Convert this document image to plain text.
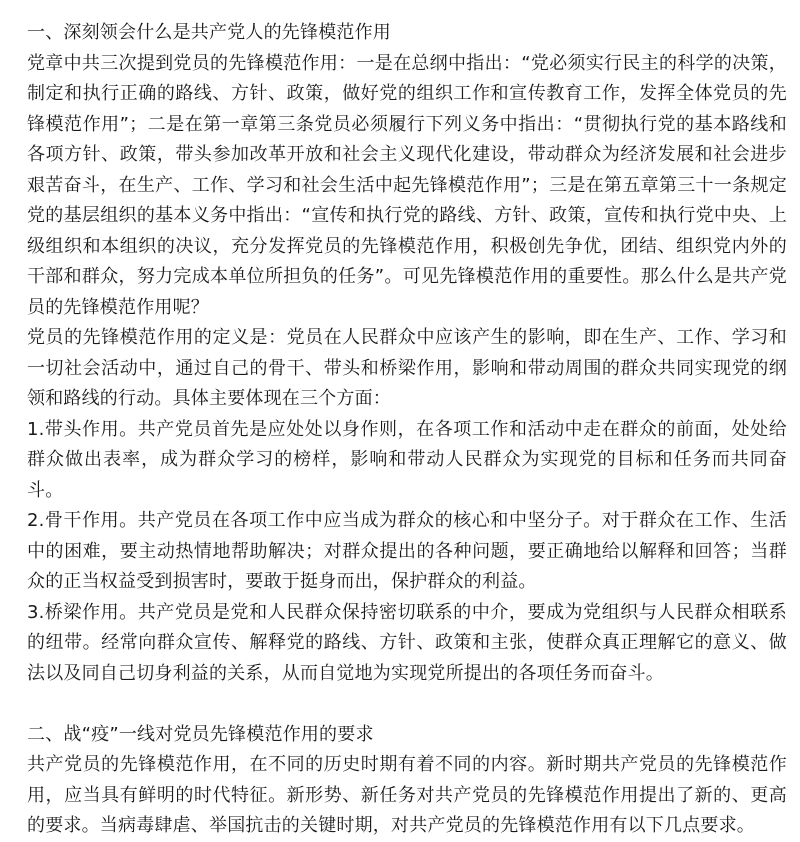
一、深刻领会什么是共产党人的先锋模范作用

党章中共三次提到党员的先锋模范作用：一是在总纲中指出：“党必须实行民主的科学的决策，制定和执行正确的路线、方针、政策，做好党的组织工作和宣传教育工作，发挥全体党员的先锋模范作用”；二是在第一章第三条党员必须履行下列义务中指出：“贯彻执行党的基本路线和各项方针、政策，带头参加改革开放和社会主义现代化建设，带动群众为经济发展和社会进步艰苦奋斗，在生产、工作、学习和社会生活中起先锋模范作用”；三是在第五章第三十一条规定党的基层组织的基本义务中指出：“宣传和执行党的路线、方针、政策，宣传和执行党中央、上级组织和本组织的决议，充分发挥党员的先锋模范作用，积极创先争优，团结、组织党内外的干部和群众，努力完成本单位所担负的任务”。可见先锋模范作用的重要性。那么什么是共产党员的先锋模范作用呢？

党员的先锋模范作用的定义是：党员在人民群众中应该产生的影响，即在生产、工作、学习和一切社会活动中，通过自己的骨干、带头和桥梁作用，影响和带动周围的群众共同实现党的纲领和路线的行动。具体主要体现在三个方面：

1.带头作用。共产党员首先是应处处以身作则，在各项工作和活动中走在群众的前面，处处给群众做出表率，成为群众学习的榜样，影响和带动人民群众为实现党的目标和任务而共同奋斗。

2.骨干作用。共产党员在各项工作中应当成为群众的核心和中坚分子。对于群众在工作、生活中的困难，要主动热情地帮助解决；对群众提出的各种问题，要正确地给以解释和回答；当群众的正当权益受到损害时，要敢于挺身而出，保护群众的利益。

3.桥梁作用。共产党员是党和人民群众保持密切联系的中介，要成为党组织与人民群众相联系的纽带。经常向群众宣传、解释党的路线、方针、政策和主张，使群众真正理解它的意义、做法以及同自己切身利益的关系，从而自觉地为实现党所提出的各项任务而奋斗。

二、战“疫”一线对党员先锋模范作用的要求

共产党员的先锋模范作用，在不同的历史时期有着不同的内容。新时期共产党员的先锋模范作用，应当具有鲜明的时代特征。新形势、新任务对共产党员的先锋模范作用提出了新的、更高的要求。当病毒肆虐、举国抗击的关键时期，对共产党员的先锋模范作用有以下几点要求。
